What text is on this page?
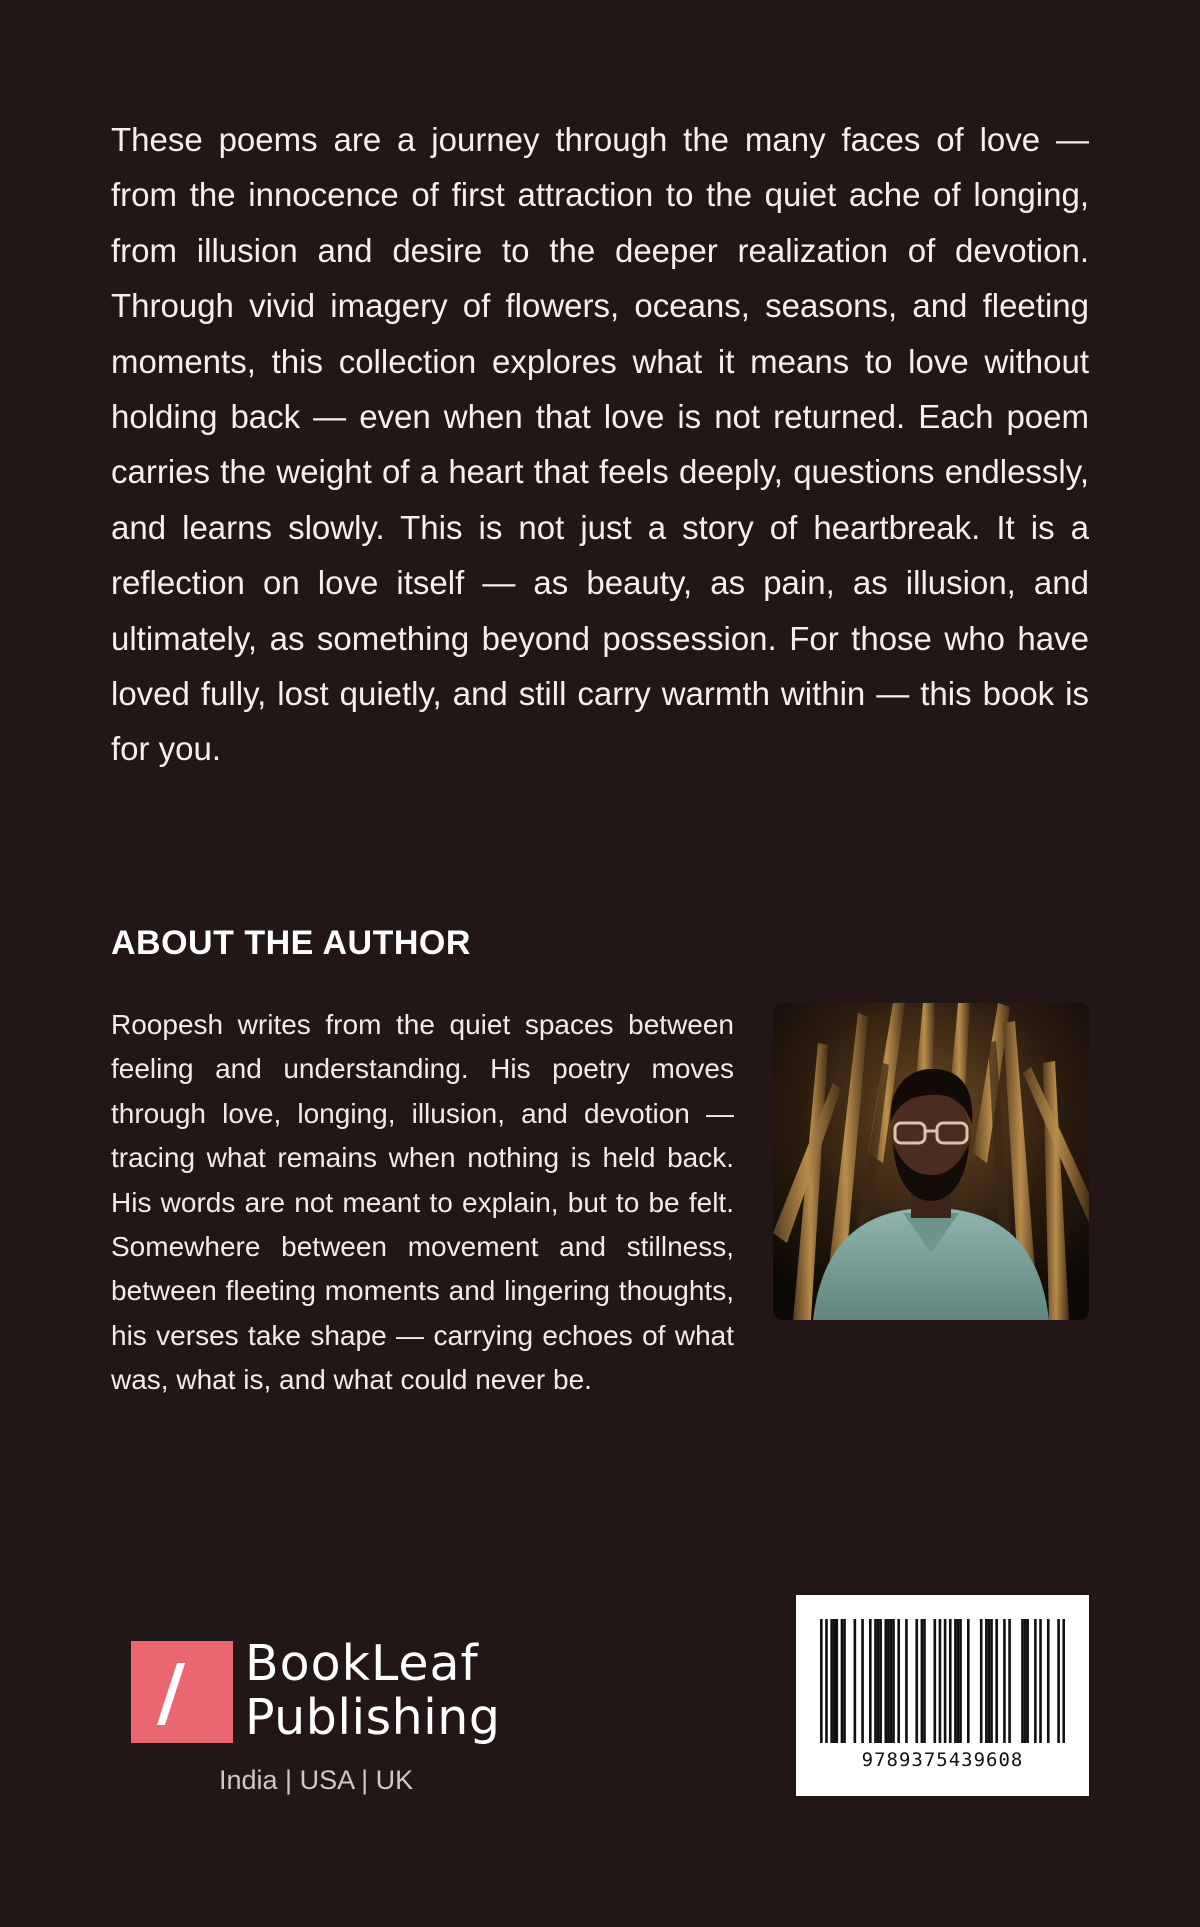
These poems are a journey through the many faces of love — from the innocence of first attraction to the quiet ache of longing, from illusion and desire to the deeper realization of devotion. Through vivid imagery of flowers, oceans, seasons, and fleeting moments, this collection explores what it means to love without holding back — even when that love is not returned. Each poem carries the weight of a heart that feels deeply, questions endlessly, and learns slowly. This is not just a story of heartbreak. It is a reflection on love itself — as beauty, as pain, as illusion, and ultimately, as something beyond possession. For those who have loved fully, lost quietly, and still carry warmth within — this book is for you.

ABOUT THE AUTHOR

Roopesh writes from the quiet spaces between feeling and understanding. His poetry moves through love, longing, illusion, and devotion — tracing what remains when nothing is held back. His words are not meant to explain, but to be felt. Somewhere between movement and stillness, between fleeting moments and lingering thoughts, his verses take shape — carrying echoes of what was, what is, and what could never be.

BookLeaf
Publishing
India | USA | UK
9789375439608
